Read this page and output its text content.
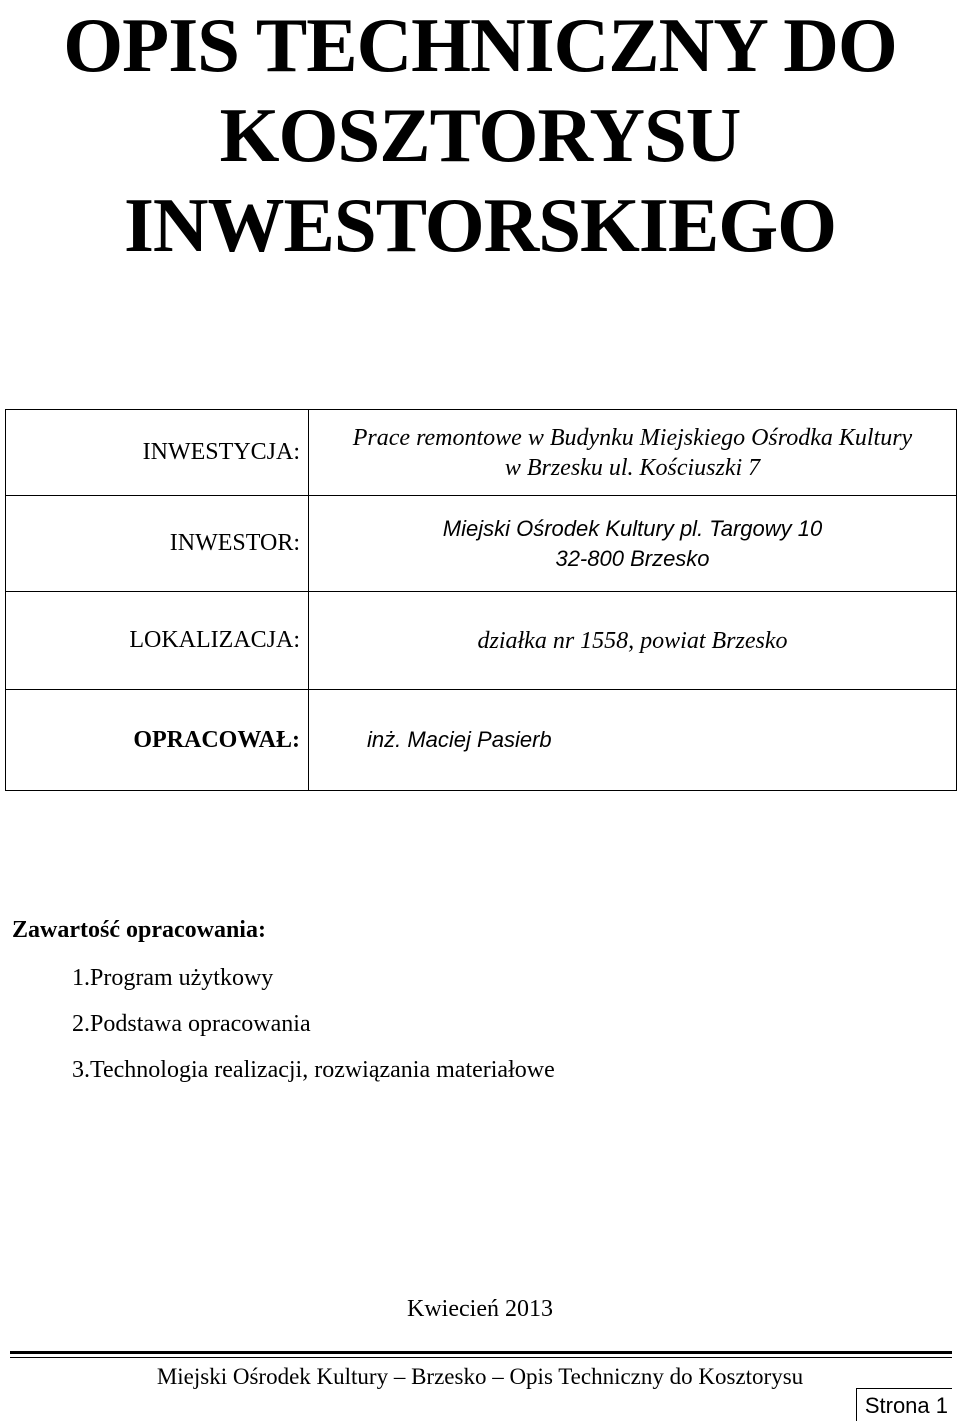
OPIS TECHNICZNY DO
KOSZTORYSU
INWESTORSKIEGO
INWESTYCJA:	Prace remontowe w Budynku Miejskiego Ośrodka Kultury
w Brzesku ul. Kościuszki 7

INWESTOR:	Miejski Ośrodek Kultury pl. Targowy 10
32-800 Brzesko

LOKALIZACJA:	działka nr 1558, powiat Brzesko
OPRACOWAŁ:	inż. Maciej Pasierb

Zawartość opracowania:

1. Program użytkowy
2. Podstawa opracowania
3. Technologia realizacji, rozwiązania materiałowe
Kwiecień 2013
Miejski Ośrodek Kultury – Brzesko – Opis Techniczny do Kosztorysu
Strona 1
